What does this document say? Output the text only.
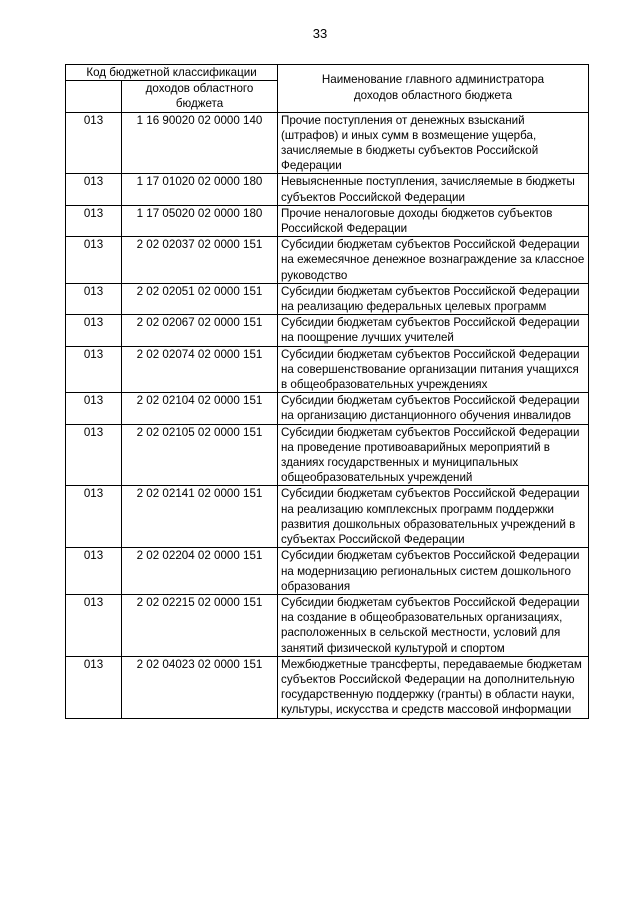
33
Код бюджетной классификации		Наименование главного администратора доходов областного бюджета
	доходов областного бюджета	
013	1 16 90020 02 0000 140	Прочие поступления от денежных взысканий (штрафов) и иных сумм в возмещение ущерба, зачисляемые в бюджеты субъектов Российской Федерации
013	1 17 01020 02 0000 180	Невыясненные поступления, зачисляемые в бюджеты субъектов Российской Федерации
013	1 17 05020 02 0000 180	Прочие неналоговые доходы бюджетов субъектов Российской Федерации
013	2 02 02037 02 0000 151	Субсидии бюджетам субъектов Российской Федерации на ежемесячное денежное вознаграждение за классное руководство
013	2 02 02051 02 0000 151	Субсидии бюджетам субъектов Российской Федерации на реализацию федеральных целевых программ
013	2 02 02067 02 0000 151	Субсидии бюджетам субъектов Российской Федерации на поощрение лучших учителей
013	2 02 02074 02 0000 151	Субсидии бюджетам субъектов Российской Федерации на совершенствование организации питания учащихся в общеобразовательных учреждениях
013	2 02 02104 02 0000 151	Субсидии бюджетам субъектов Российской Федерации на организацию дистанционного обучения инвалидов
013	2 02 02105 02 0000 151	Субсидии бюджетам субъектов Российской Федерации на проведение противоаварийных мероприятий в зданиях государственных и муниципальных общеобразовательных учреждений
013	2 02 02141 02 0000 151	Субсидии бюджетам субъектов Российской Федерации на реализацию комплексных программ поддержки развития дошкольных образовательных учреждений в субъектах Российской Федерации
013	2 02 02204 02 0000 151	Субсидии бюджетам субъектов Российской Федерации на модернизацию региональных систем дошкольного образования
013	2 02 02215 02 0000 151	Субсидии бюджетам субъектов Российской Федерации на создание в общеобразовательных организациях, расположенных в сельской местности, условий для занятий физической культурой и спортом
013	2 02 04023 02 0000 151	Межбюджетные трансферты, передаваемые бюджетам субъектов Российской Федерации на дополнительную государственную поддержку (гранты) в области науки, культуры, искусства и средств массовой информации
